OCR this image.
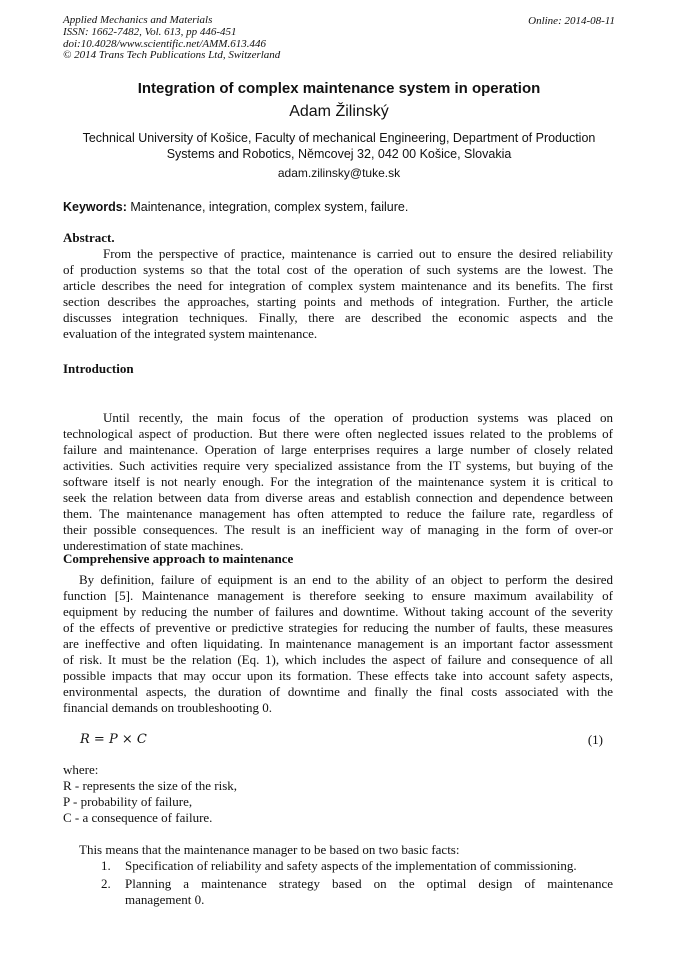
Applied Mechanics and Materials
ISSN: 1662-7482, Vol. 613, pp 446-451
doi:10.4028/www.scientific.net/AMM.613.446
© 2014 Trans Tech Publications Ltd, Switzerland
Online: 2014-08-11
Integration of complex maintenance system in operation
Adam Žilinský
Technical University of Košice, Faculty of mechanical Engineering, Department of Production
Systems and Robotics, Němcovej 32, 042 00 Košice, Slovakia
adam.zilinsky@tuke.sk
Keywords: Maintenance, integration, complex system, failure.
Abstract.
From the perspective of practice, maintenance is carried out to ensure the desired reliability
of production systems so that the total cost of the operation of such systems are the lowest. The
article describes the need for integration of complex system maintenance and its benefits. The first
section describes the approaches, starting points and methods of integration. Further, the article
discusses integration techniques. Finally, there are described the economic aspects and the
evaluation of the integrated system maintenance.
Introduction
Until recently, the main focus of the operation of production systems was placed on
technological aspect of production. But there were often neglected issues related to the problems of
failure and maintenance. Operation of large enterprises requires a large number of closely related
activities. Such activities require very specialized assistance from the IT systems, but buying of the
software itself is not nearly enough. For the integration of the maintenance system it is critical to
seek the relation between data from diverse areas and establish connection and dependence between
them. The maintenance management has often attempted to reduce the failure rate, regardless of
their possible consequences. The result is an inefficient way of managing in the form of over-or
underestimation of state machines.
Comprehensive approach to maintenance
By definition, failure of equipment is an end to the ability of an object to perform the desired
function [5]. Maintenance management is therefore seeking to ensure maximum availability of
equipment by reducing the number of failures and downtime. Without taking account of the severity
of the effects of preventive or predictive strategies for reducing the number of faults, these measures
are ineffective and often liquidating. In maintenance management is an important factor assessment
of risk. It must be the relation (Eq. 1), which includes the aspect of failure and consequence of all
possible impacts that may occur upon its formation. These effects take into account safety aspects,
environmental aspects, the duration of downtime and finally the final costs associated with the
financial demands on troubleshooting 0.
R = P × C	(1)
where:
R - represents the size of the risk,
P - probability of failure,
C - a consequence of failure.
This means that the maintenance manager to be based on two basic facts:
1. Specification of reliability and safety aspects of the implementation of commissioning.
2. Planning a maintenance strategy based on the optimal design of maintenance
management 0.
